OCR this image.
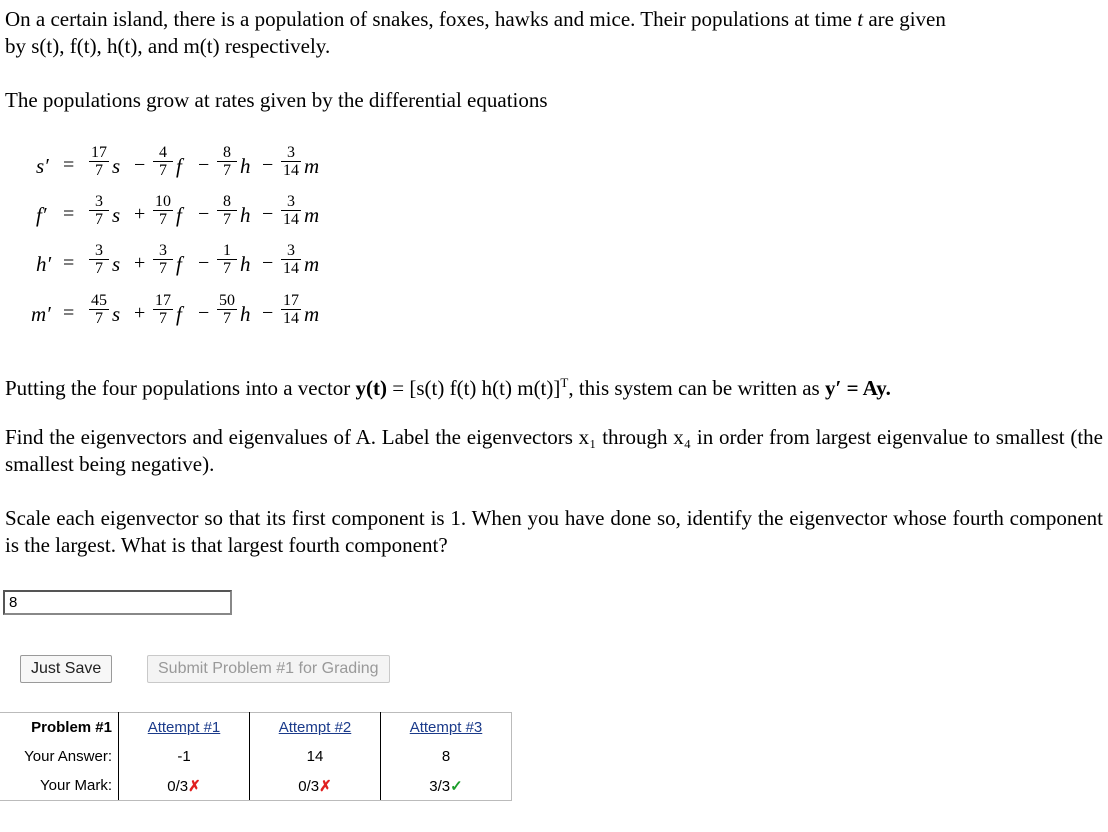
On a certain island, there is a population of snakes, foxes, hawks and mice. Their populations at time t are given
by s(t), f(t), h(t), and m(t) respectively.
The populations grow at rates given by the differential equations
s′ =
17
7 s −
4
7 f −
8
7 h −
3
14 m
f′ =
3
7 s +
10
7 f −
8
7 h −
3
14 m
h′ =
3
7 s +
3
7 f −
1
7 h −
3
14 m
m′ =
45
7 s +
17
7 f −
50
7 h −
17
14 m
Putting the four populations into a vector y(t) = [s(t) f(t) h(t) m(t)]$^T$, this system can be written as y′ = Ay.
Find the eigenvectors and eigenvalues of A. Label the eigenvectors x₁ through x₄ in order from largest eigenvalue to smallest (the smallest being negative).
Scale each eigenvector so that its first component is 1. When you have done so, identify the eigenvector whose fourth component is the largest. What is that largest fourth component?
8
Just Save	Submit Problem #1 for Grading
Problem #1	Attempt #1	Attempt #2	Attempt #3
Your Answer:	-1	14	8
Your Mark:	0/3✗	0/3✗	3/3✓
